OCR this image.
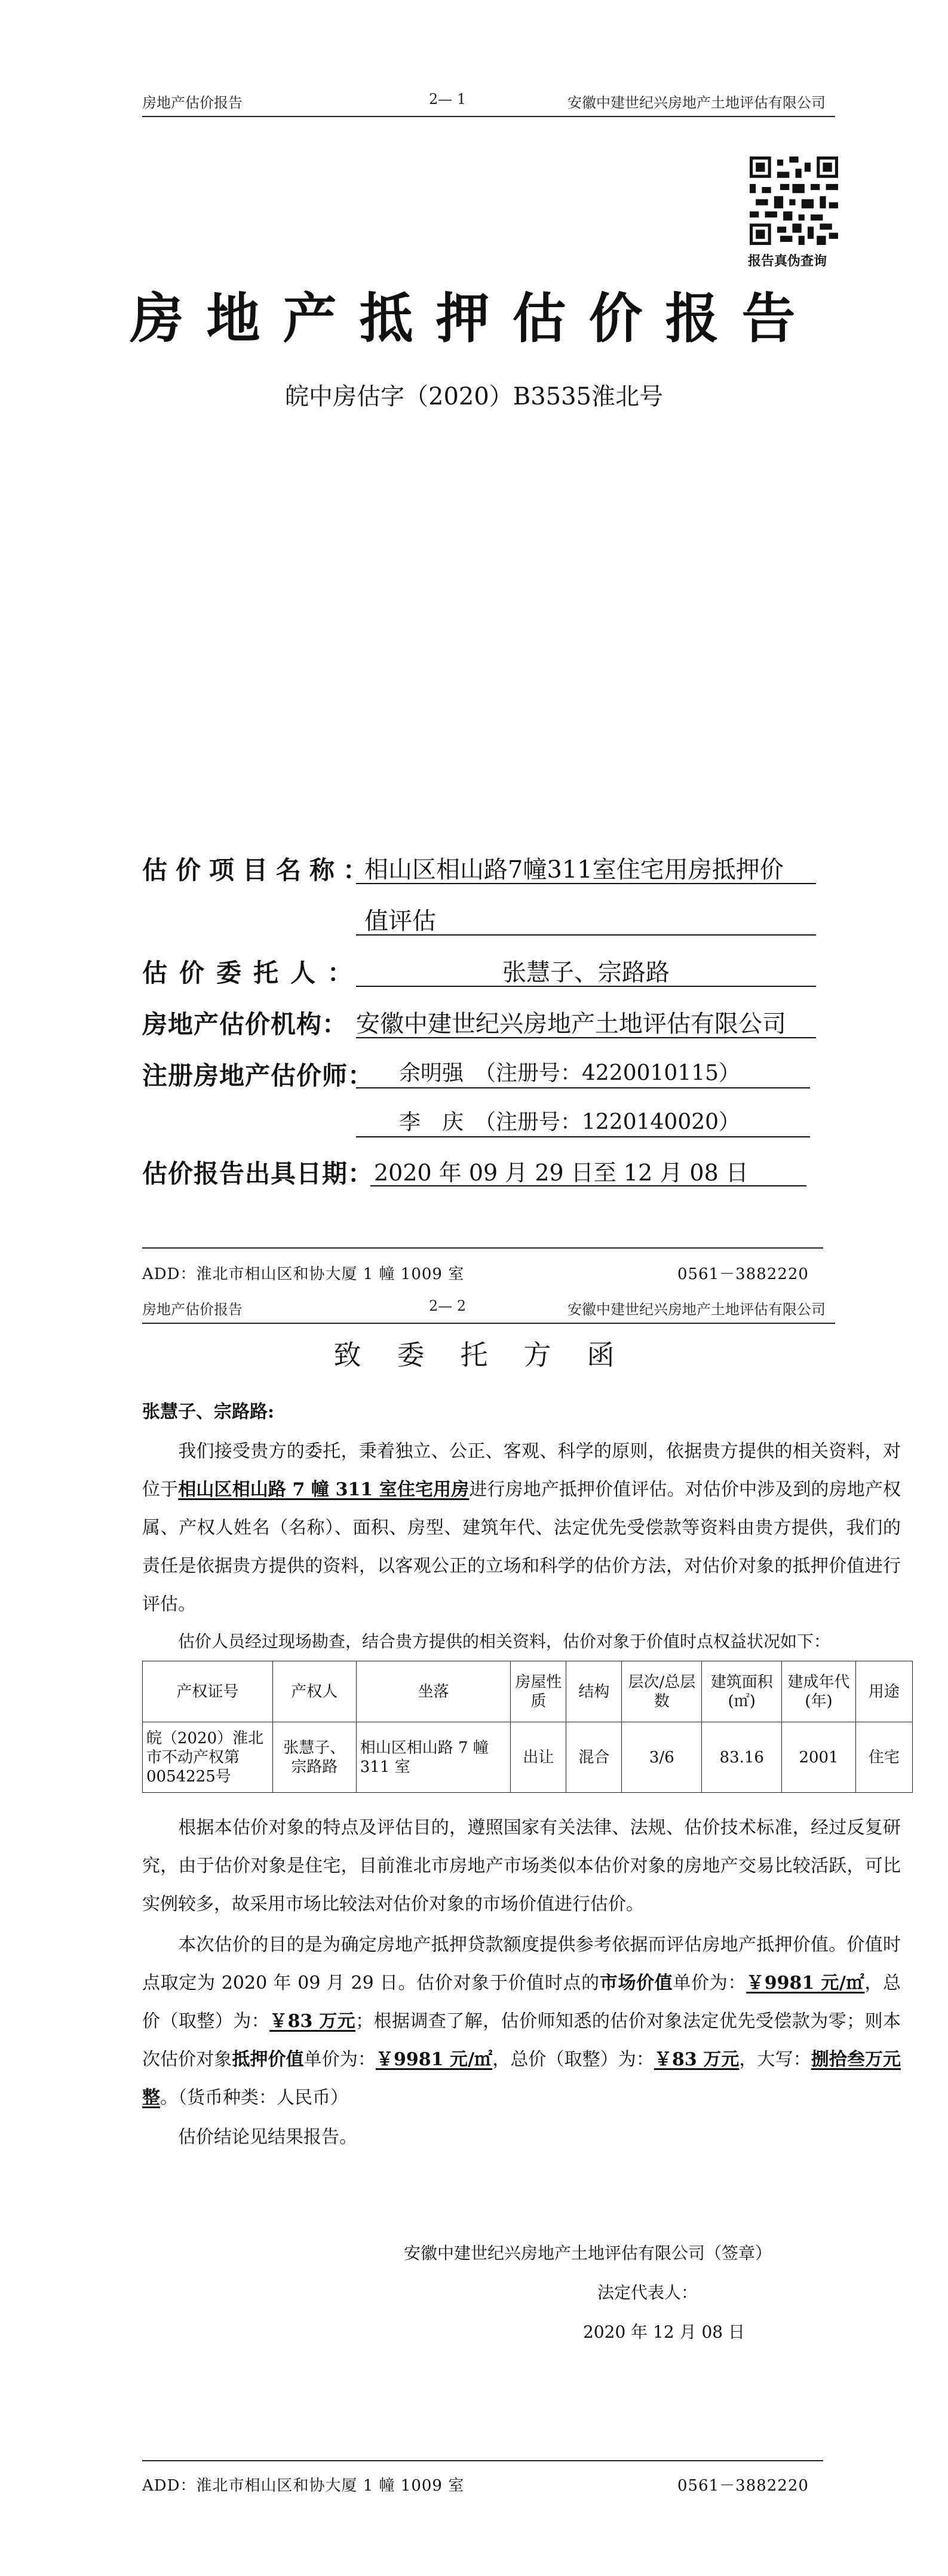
房地产估价报告	2— 1	安徽中建世纪兴房地产土地评估有限公司
报告真伪查询
房地产抵押估价报告
皖中房估字（2020）B3535淮北号
估价项目名称：
相山区相山路7幢311室住宅用房抵押价
值评估
估价委托人：	张慧子、宗路路
房地产估价机构： 安徽中建世纪兴房地产土地评估有限公司
注册房地产估价师： 余明强　（注册号：4220010115）
李　庆　（注册号：1220140020）
估价报告出具日期： 2020 年 09 月 29 日至 12 月 08 日
ADD：淮北市相山区和协大厦 1 幢 1009 室	0561－3882220
房地产估价报告	2— 2	安徽中建世纪兴房地产土地评估有限公司
致委托方函
张慧子、宗路路:
我们接受贵方的委托，秉着独立、公正、客观、科学的原则，依据贵方提供的相关资料，对位于相山区相山路 7 幢 311 室住宅用房进行房地产抵押价值评估。对估价中涉及到的房地产权属、产权人姓名（名称）、面积、房型、建筑年代、法定优先受偿款等资料由贵方提供，我们的责任是依据贵方提供的资料，以客观公正的立场和科学的估价方法，对估价对象的抵押价值进行评估。
估价人员经过现场勘查，结合贵方提供的相关资料，估价对象于价值时点权益状况如下：
产权证号	产权人	坐落	房屋性质	结构	层次/总层数	建筑面积(㎡)	建成年代(年)	用途
皖（2020）淮北市不动产权第0054225号	张慧子、宗路路	相山区相山路 7 幢 311 室	出让	混合	3/6	83.16	2001	住宅
根据本估价对象的特点及评估目的，遵照国家有关法律、法规、估价技术标准，经过反复研究，由于估价对象是住宅，目前淮北市房地产市场类似本估价对象的房地产交易比较活跃，可比实例较多，故采用市场比较法对估价对象的市场价值进行估价。
本次估价的目的是为确定房地产抵押贷款额度提供参考依据而评估房地产抵押价值。价值时点取定为 2020 年 09 月 29 日。估价对象于价值时点的市场价值单价为：￥9981 元/㎡，总价（取整）为：￥83 万元；根据调查了解，估价师知悉的估价对象法定优先受偿款为零；则本次估价对象抵押价值单价为：￥9981 元/㎡，总价（取整）为：￥83 万元，大写：捌拾叁万元整。（货币种类：人民币）
估价结论见结果报告。
安徽中建世纪兴房地产土地评估有限公司（签章）
法定代表人：
2020 年 12 月 08 日
ADD：淮北市相山区和协大厦 1 幢 1009 室	0561－3882220
